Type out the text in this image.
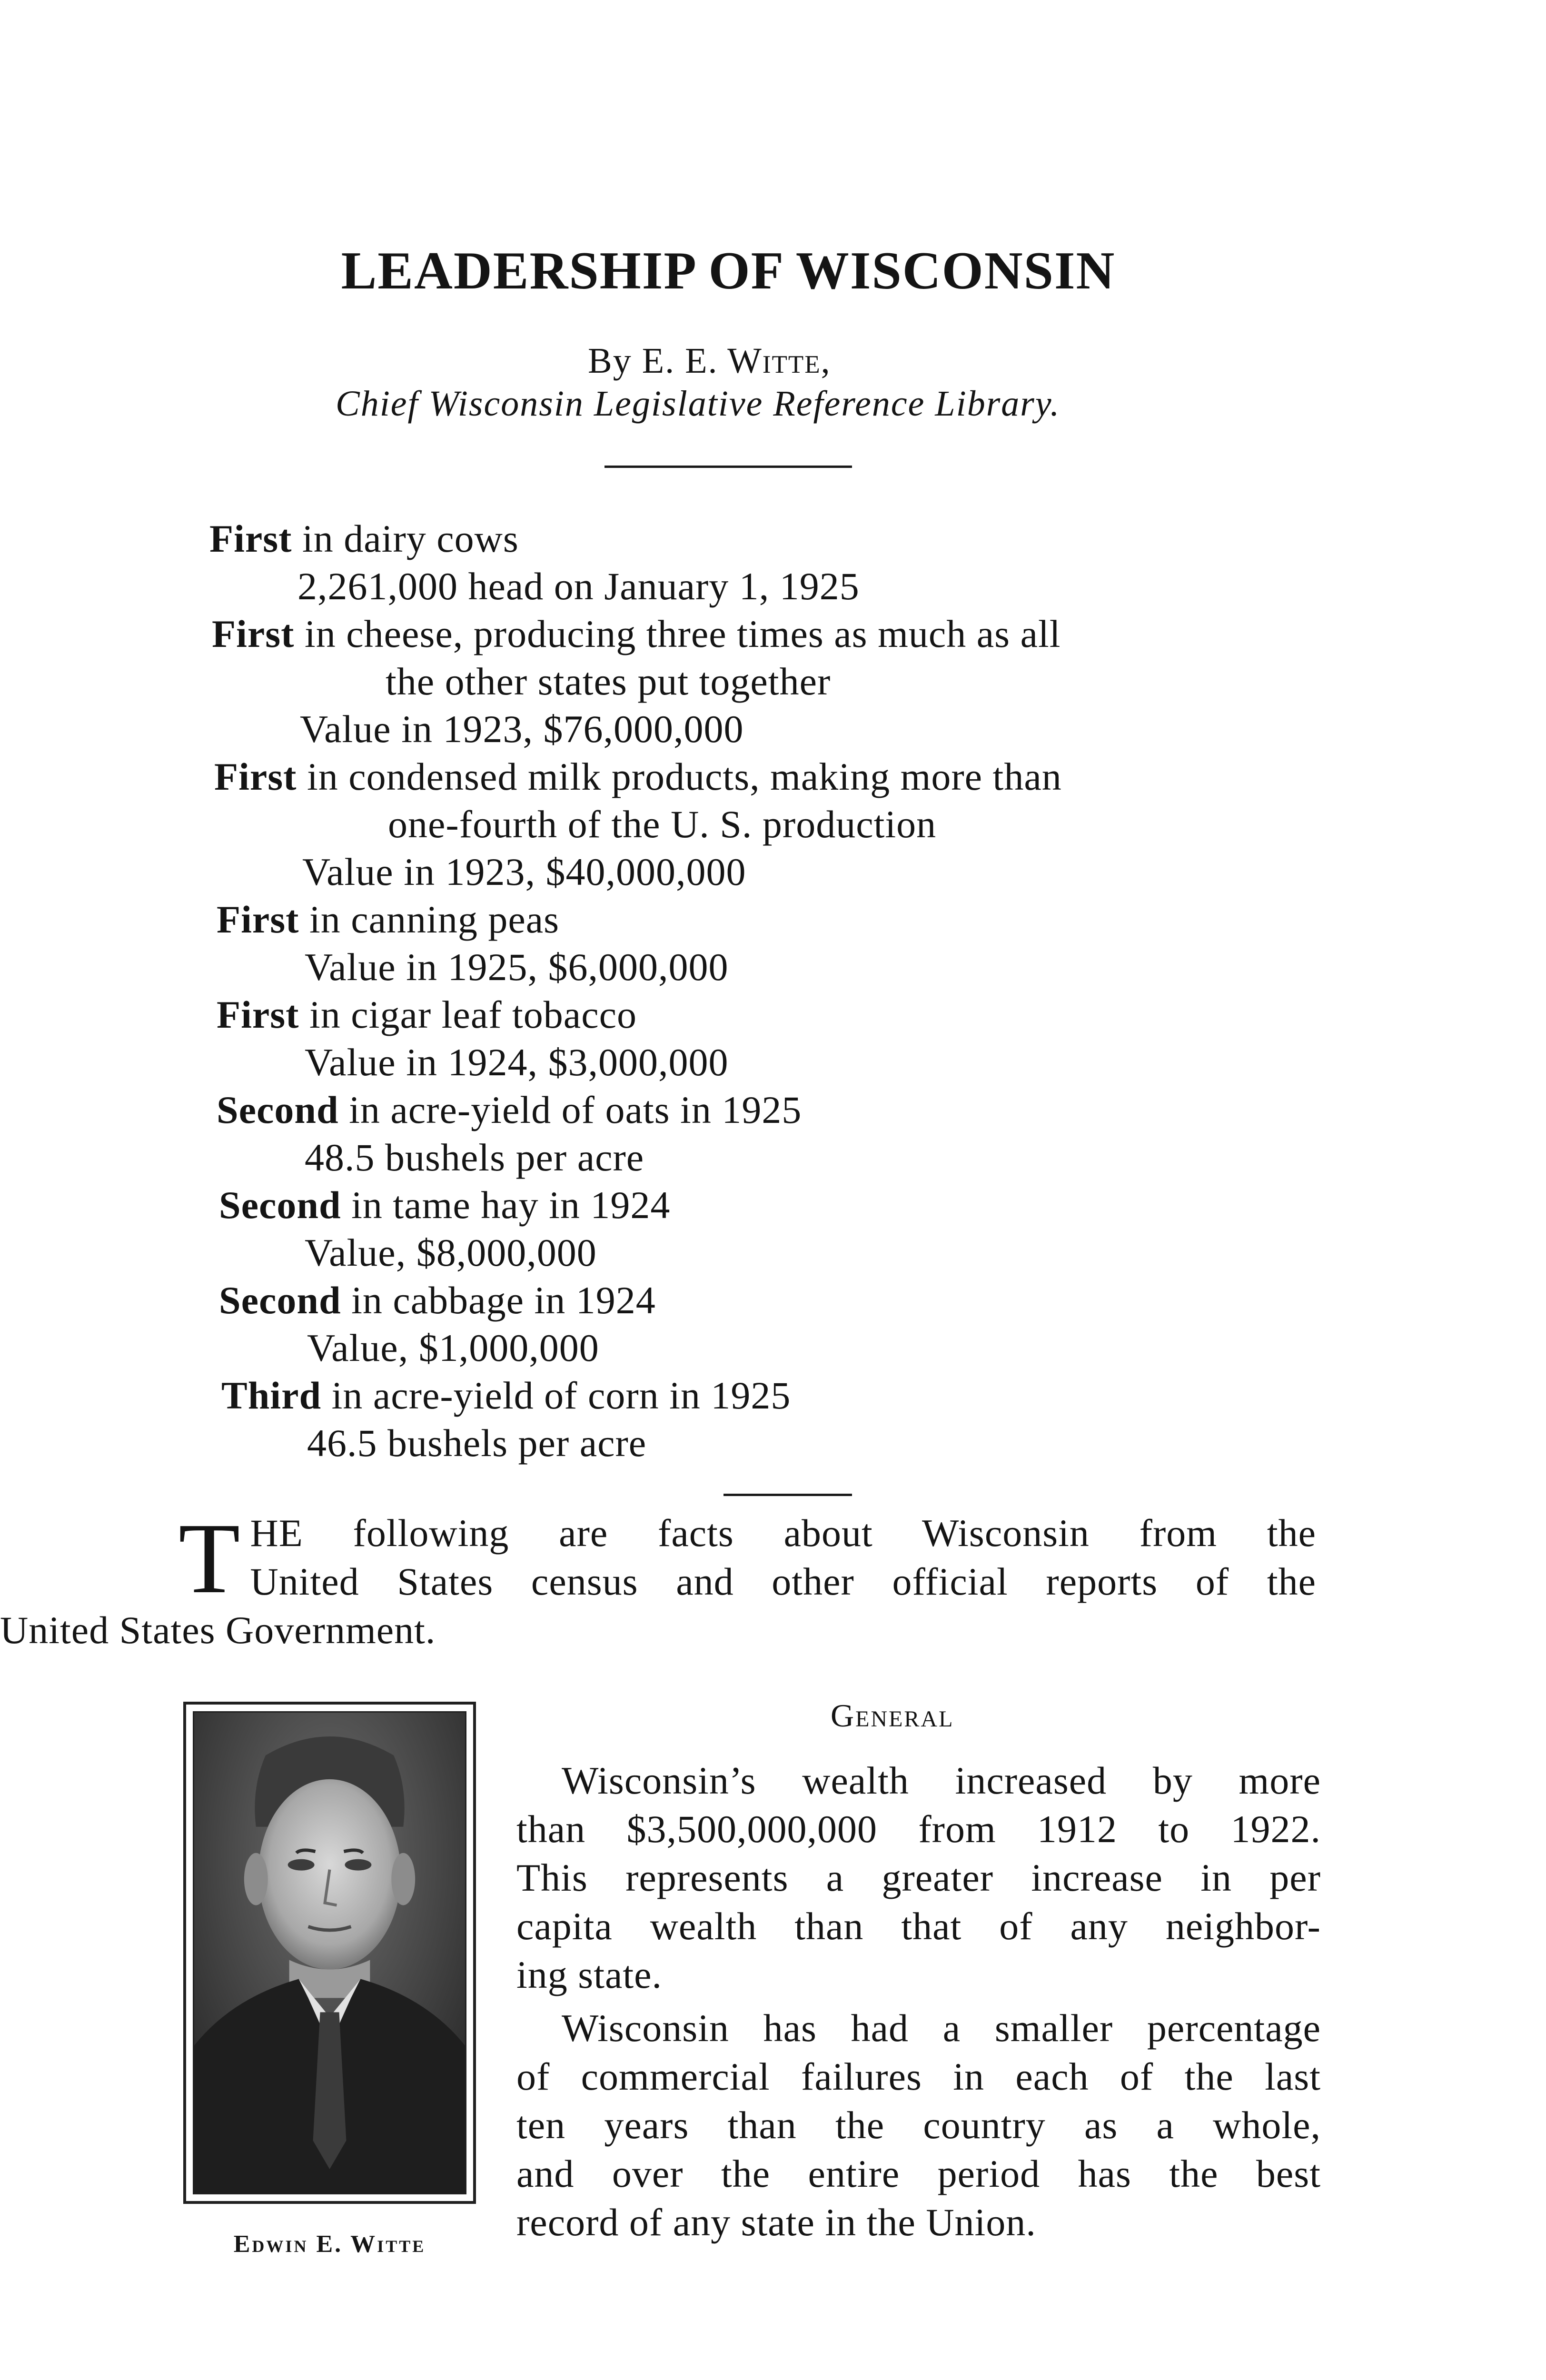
LEADERSHIP OF WISCONSIN
By E. E. Witte,
Chief Wisconsin Legislative Reference Library.
First in dairy cows
2,261,000 head on January 1, 1925
First in cheese, producing three times as much as all
the other states put together
Value in 1923, $76,000,000
First in condensed milk products, making more than
one-fourth of the U. S. production
Value in 1923, $40,000,000
First in canning peas
Value in 1925, $6,000,000
First in cigar leaf tobacco
Value in 1924, $3,000,000
Second in acre-yield of oats in 1925
48.5 bushels per acre
Second in tame hay in 1924
Value, $8,000,000
Second in cabbage in 1924
Value, $1,000,000
Third in acre-yield of corn in 1925
46.5 bushels per acre
T HE following are facts about Wisconsin from the
United States census and other official reports of the
United States Government.
Edwin E. Witte
General
Wisconsin’s wealth increased by more
than $3,500,000,000 from 1912 to 1922.
This represents a greater increase in per
capita wealth than that of any neighbor-
ing state.
Wisconsin has had a smaller percentage
of commercial failures in each of the last
ten years than the country as a whole,
and over the entire period has the best
record of any state in the Union.
